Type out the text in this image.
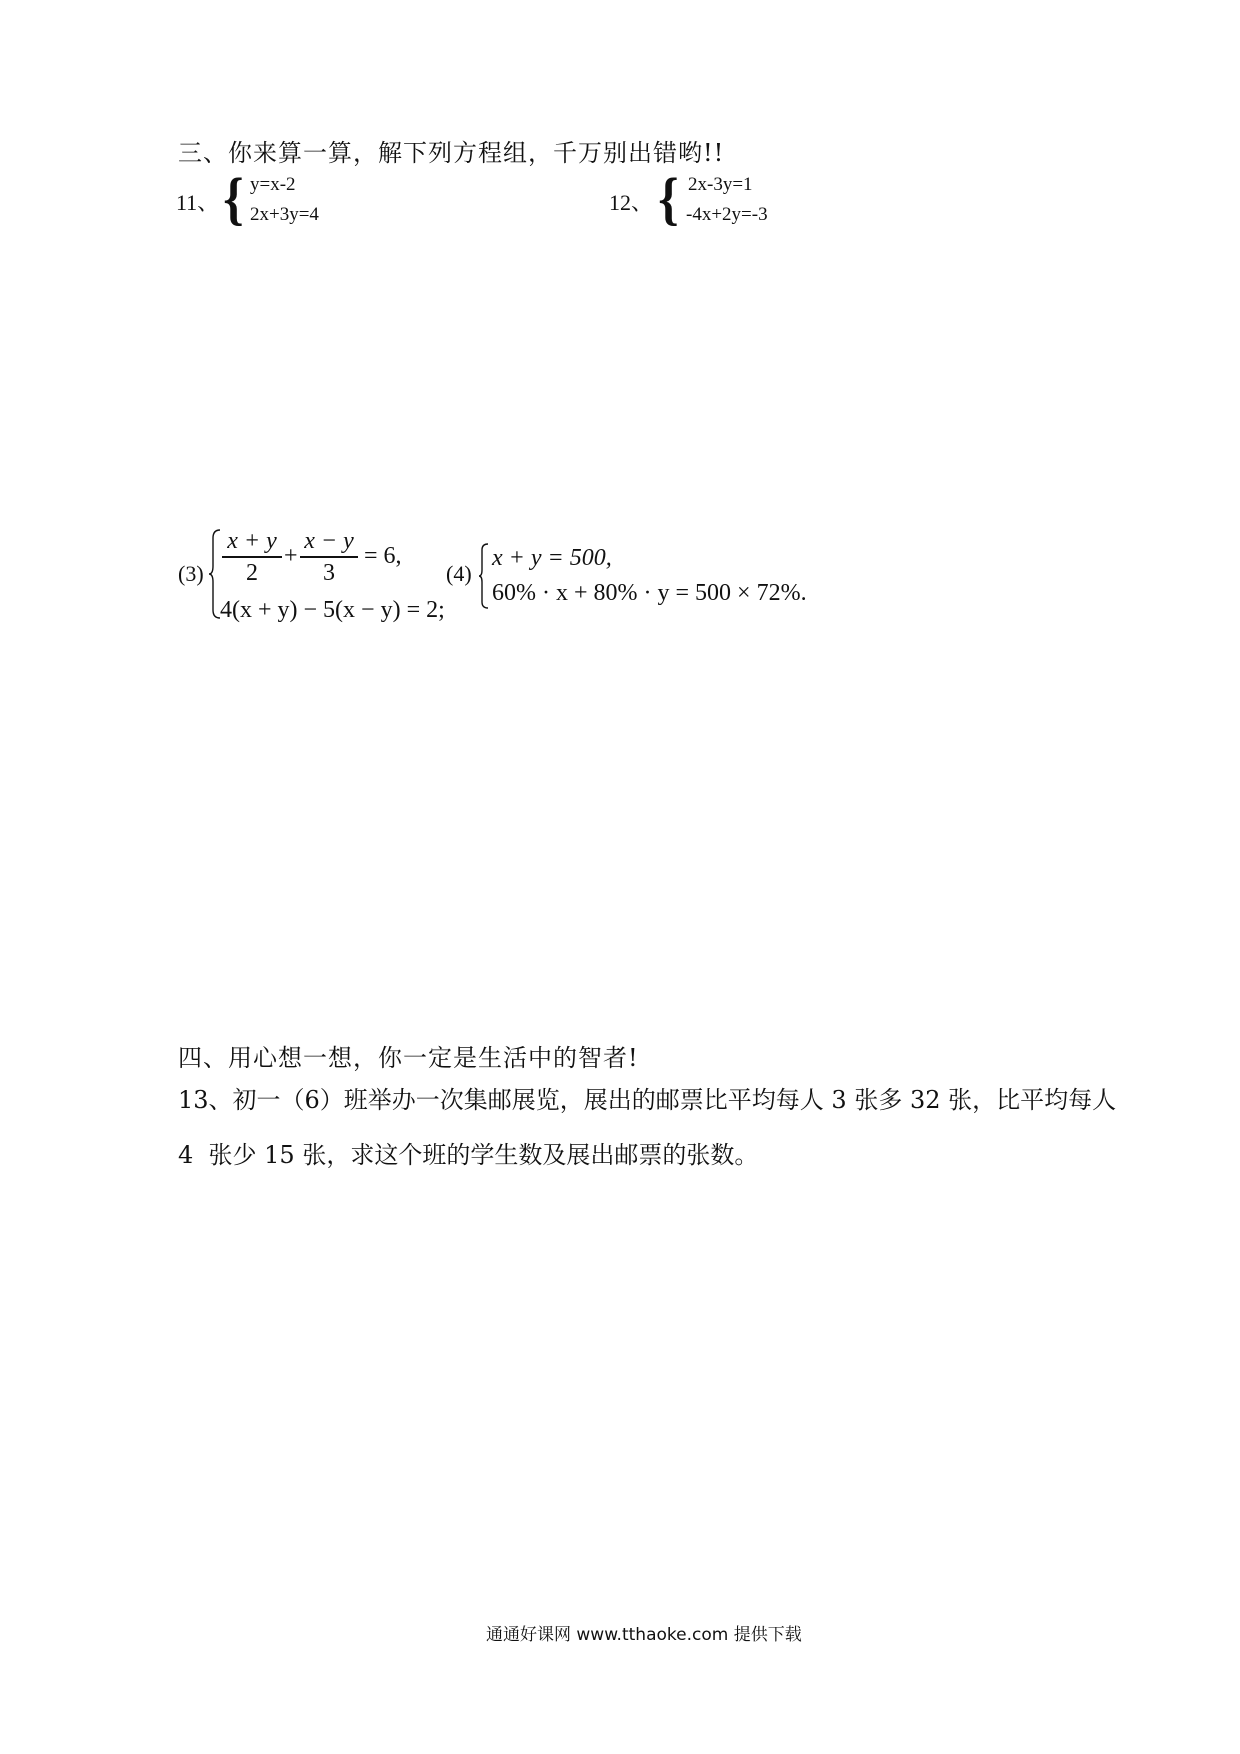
三、你来算一算，解下列方程组，千万别出错哟!!
11、 { y=x-2
2x+3y=4	12、 { 2x-3y=1
-4x+2y=-3
(3)
x + y
2
+
x − y
3
= 6,
4(x + y) − 5(x − y) = 2;
(4)
x + y = 500,
60% · x + 80% · y = 500 × 72%.
四、用心想一想，你一定是生活中的智者!
13、初一（6）班举办一次集邮展览，展出的邮票比平均每人 3 张多 32 张，比平均每人
4  张少 15 张，求这个班的学生数及展出邮票的张数。
通通好课网 www.tthaoke.com 提供下载
